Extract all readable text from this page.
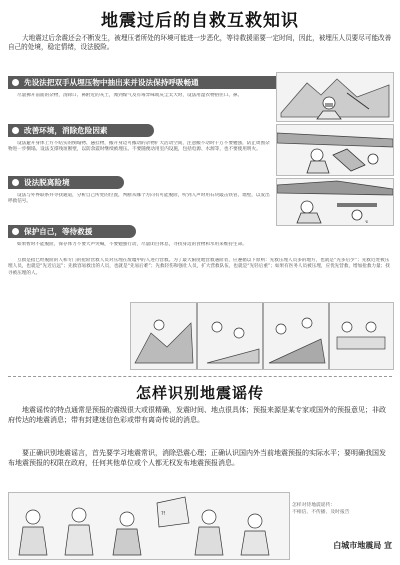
地震过后的自救互救知识
大地震过后余震还会不断发生，被埋压者所处的环境可能进一步恶化，等待救援需要一定时间，因此，被埋压人员要尽可能改善自己的处境，稳定情绪，设法脱险。
先设法把双手从埋压物中抽出来并设法保持呼吸畅通
尽量拂开前面的杂物，清除口、鼻附近的灰土，闻到煤气及有毒异味或灰尘太大时，设法用湿衣物捂住口、鼻。
改善环境，消除危险因素
设法避开身体上方不结实的倒塌物、悬挂物，搬开身边可搬动的杂物扩大活动空间，注意搬不动时千万不要勉强，防止周围杂物进一步倒塌。设法支撑残垣断壁，以防余震时继续被埋压。不要随便动用室内设施，包括电源、水源等，也不要使用明火。
设法脱离险境
设法与外界联系并寻找通道，分析自己所处的位置，判断从哪个方向有可能脱险，听到人声时用石块敲击铁管、墙壁，以发出呼救信号。
保护自己，等待救援
如果暂时不能脱险，保存体力不要大声哭喊，不要勉强行动，尽量闭目休息，寻找身边的食物和水用来维持生命。
↯
互救是指已经脱险的人和专门的抢险营救人员对压埋在废墟中的人进行营救。为了最大限度地营救遇险者，应遵循以下原则：先救压埋人员多的地方，也就是“先多后少”；先救近处被压埋人员，也就是“先近后远”；先救容易救出的人员，也就是“先易后难”；先救轻伤和强壮人员，扩大营救队伍，也就是“先轻后重”；如果有医务人员被压埋，应优先营救，增加抢救力量；找寻被压埋的人。
怎样识别地震谣传
地震谣传的特点通常是预报的震级很大或很精确，发震时间、地点很具体；预报来源是某专家或国外的预报意见；非政府传达的地震消息；带有封建迷信色彩或带有离奇传说的消息。
要正确识别地震谣言，首先要学习地震常识，消除恐震心理；正确认识国内外当前地震预报的实际水平；要明确我国发布地震预报的权限在政府，任何其他单位或个人都无权发布地震预报消息。
?!
怎样对待地震谣传：
不相信、不传播、及时报告
白城市地震局 宣
